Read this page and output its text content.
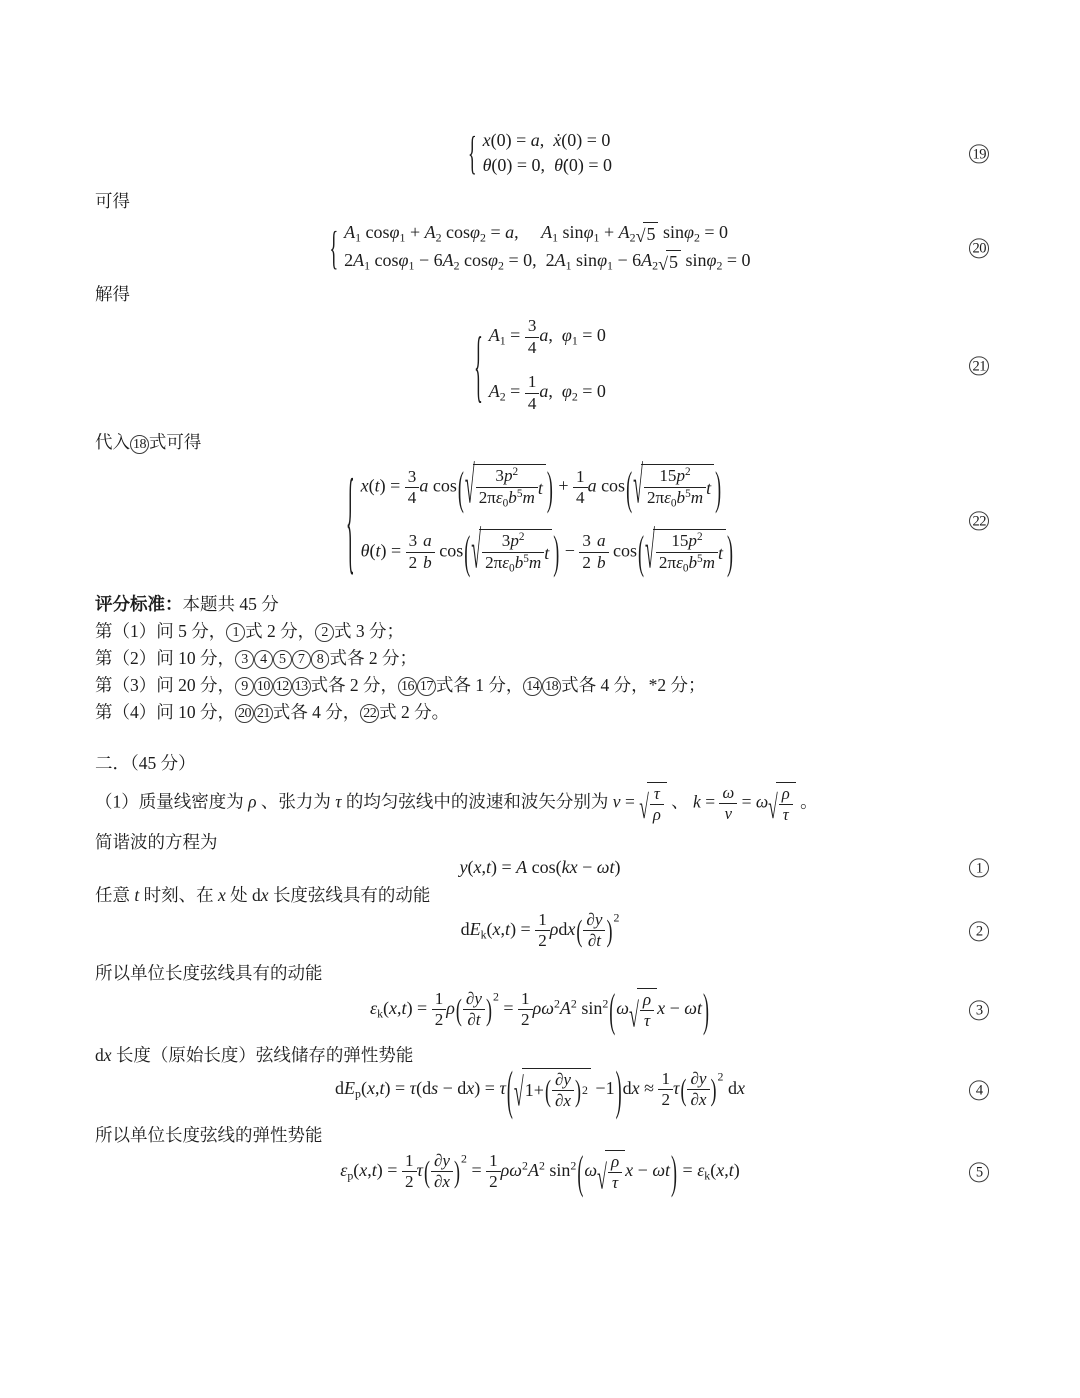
{ x(0) = a,  ẋ(0) = 0
θ(0) = 0,  θ̇(0) = 0
19
可得
{ $A_1$ $\cos\varphi_1 + A_2$ cosφ$_2$ = a,     $A_1$ $\sin\varphi_1 + A_2$ √ 5 sinφ$_2$ = 0
$2A_1$ $\cos\varphi_1 - 6A_2$ cosφ$_2$ = 0,  $2A_1$ $\sin\varphi_1 - 6A_2$ √ 5 sinφ$_2$ = 0
20
解得
{ $A_1 = \frac{3}{4} a$,  $\varphi_1 = 0$
$A_2 = \frac{1}{4} a$,  $\varphi_2 = 0$
21
代入 18 式可得
{ $x(t) = \frac{3}{4}$ a cos( √	$3p^2$
$2\pi\varepsilon_0b^5m$ t ) + $\frac{1}{4}$ a cos( √ $15p^2$
$2\pi\varepsilon_0b^5m$ t )
$\theta(t) = \frac{3}{2} \frac{a}{b} \cos$( √	$3p^2$
$2\pi\varepsilon_0b^5m$ t ) − $\frac{3}{2} \frac{a}{b} \cos$( √ $15p^2$
$2\pi\varepsilon_0b^5m$ t )
22
评分标准：本题共 45 分
第（1）问 5 分， 1 式 2 分， 2 式 3 分；
第（2）问 10 分， 3 4 5 7 8 式各 2 分；
第（3）问 20 分， 9 10 12 13 式各 2 分， 16 17 式各 1 分， 14 18 式各 4 分，*2 分；
第（4）问 10 分， 20 21 式各 4 分， 22 式 2 分。
二．（45 分）
（1）质量线密度为 ρ 、张力为 τ 的均匀弦线中的波速和波矢分别为 v = √ τ
ρ
、 $k = \frac{\omega}{v} = \omega$ √ ρ
τ
。
简谐波的方程为
y(x,t) = A cos(kx − ωt)	1
任意 t 时刻、在 x 处 dx 长度弦线具有的动能
$dE_k(x,t) = \frac{1}{2} \rho dx( \frac{\partial y}{\partial t} )^2$
2
所以单位长度弦线具有的动能
$\varepsilon_k(x,t) = \frac{1}{2} \rho( \frac{\partial y}{\partial t} )^2 = \frac{1}{2} \rho\omega^2A^2$ $\sin^2(\omega$ √ ρ
τ
x − ωt)	3
dx 长度（原始长度）弦线储存的弹性势能
$dE_p(x,t) = \tau(ds - dx) = \tau$( √ 1+ ( ∂y
∂x ) $2 -1)dx \approx \frac{1}{2} \tau( \frac{\partial y}{\partial x} )^2$ dx	4
所以单位长度弦线的弹性势能
$\varepsilon_p(x,t) = \frac{1}{2} \tau( \frac{\partial y}{\partial x} )^2 = \frac{1}{2} \rho\omega^2A^2$ $\sin^2(\omega$ √ ρ
τ
$x - \omega t) = \varepsilon_k(x,t)$	5
